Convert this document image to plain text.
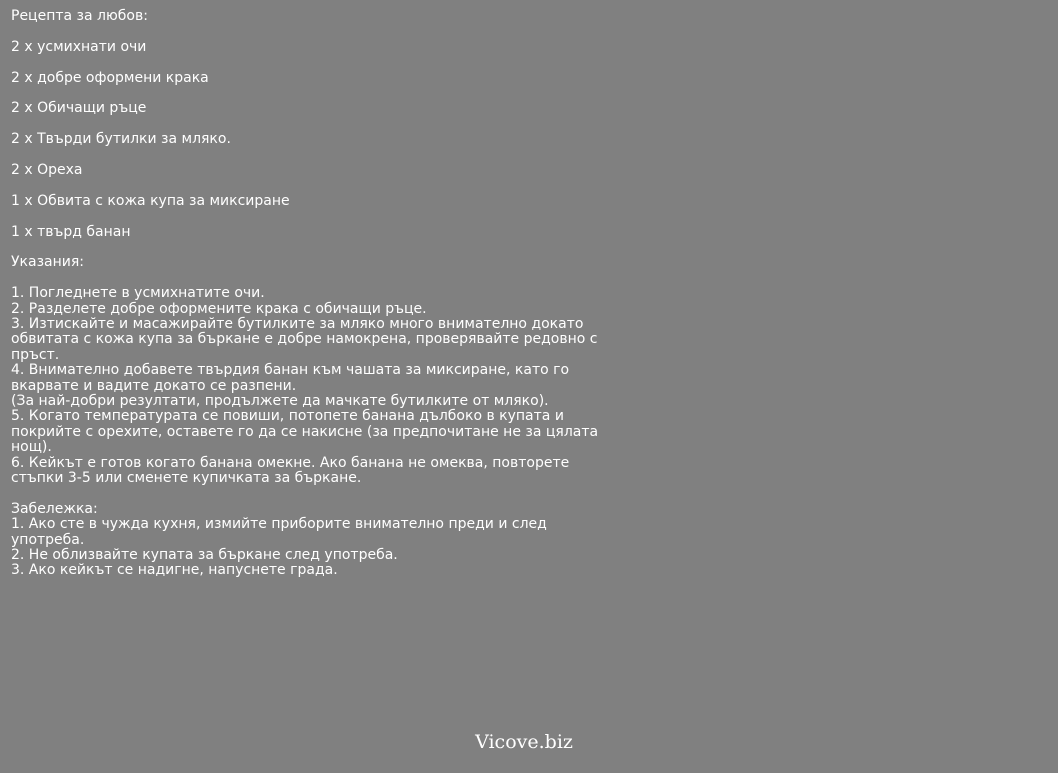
Рецепта за любов:

2 x усмихнати очи

2 x добре оформени крака

2 x Обичащи ръце

2 x Твърди бутилки за мляко.

2 x Ореха

1 x Обвита с кожа купа за миксиране

1 x твърд банан

Указания:

1. Погледнете в усмихнатите очи.
2. Разделете добре оформените крака с обичащи ръце.
3. Изтискайте и масажирайте бутилките за мляко много внимателно докато
обвитата с кожа купа за бъркане е добре намокрена, проверявайте редовно с
пръст.
4. Внимателно добавете твърдия банан към чашата за миксиране, като го
вкарвате и вадите докато се разпени.
(За най-добри резултати, продължете да мачкате бутилките от мляко).
5. Когато температурата се повиши, потопете банана дълбоко в купата и
покрийте с орехите, оставете го да се накисне (за предпочитане не за цялата
нощ).
6. Кейкът е готов когато банана омекне. Ако банана не омеква, повторете
стъпки 3-5 или сменете купичката за бъркане.
Забележка:
1. Ако сте в чужда кухня, измийте приборите внимателно преди и след
употреба.
2. Не облизвайте купата за бъркане след употреба.
3. Ако кейкът се надигне, напуснете града.
Vicove.biz
